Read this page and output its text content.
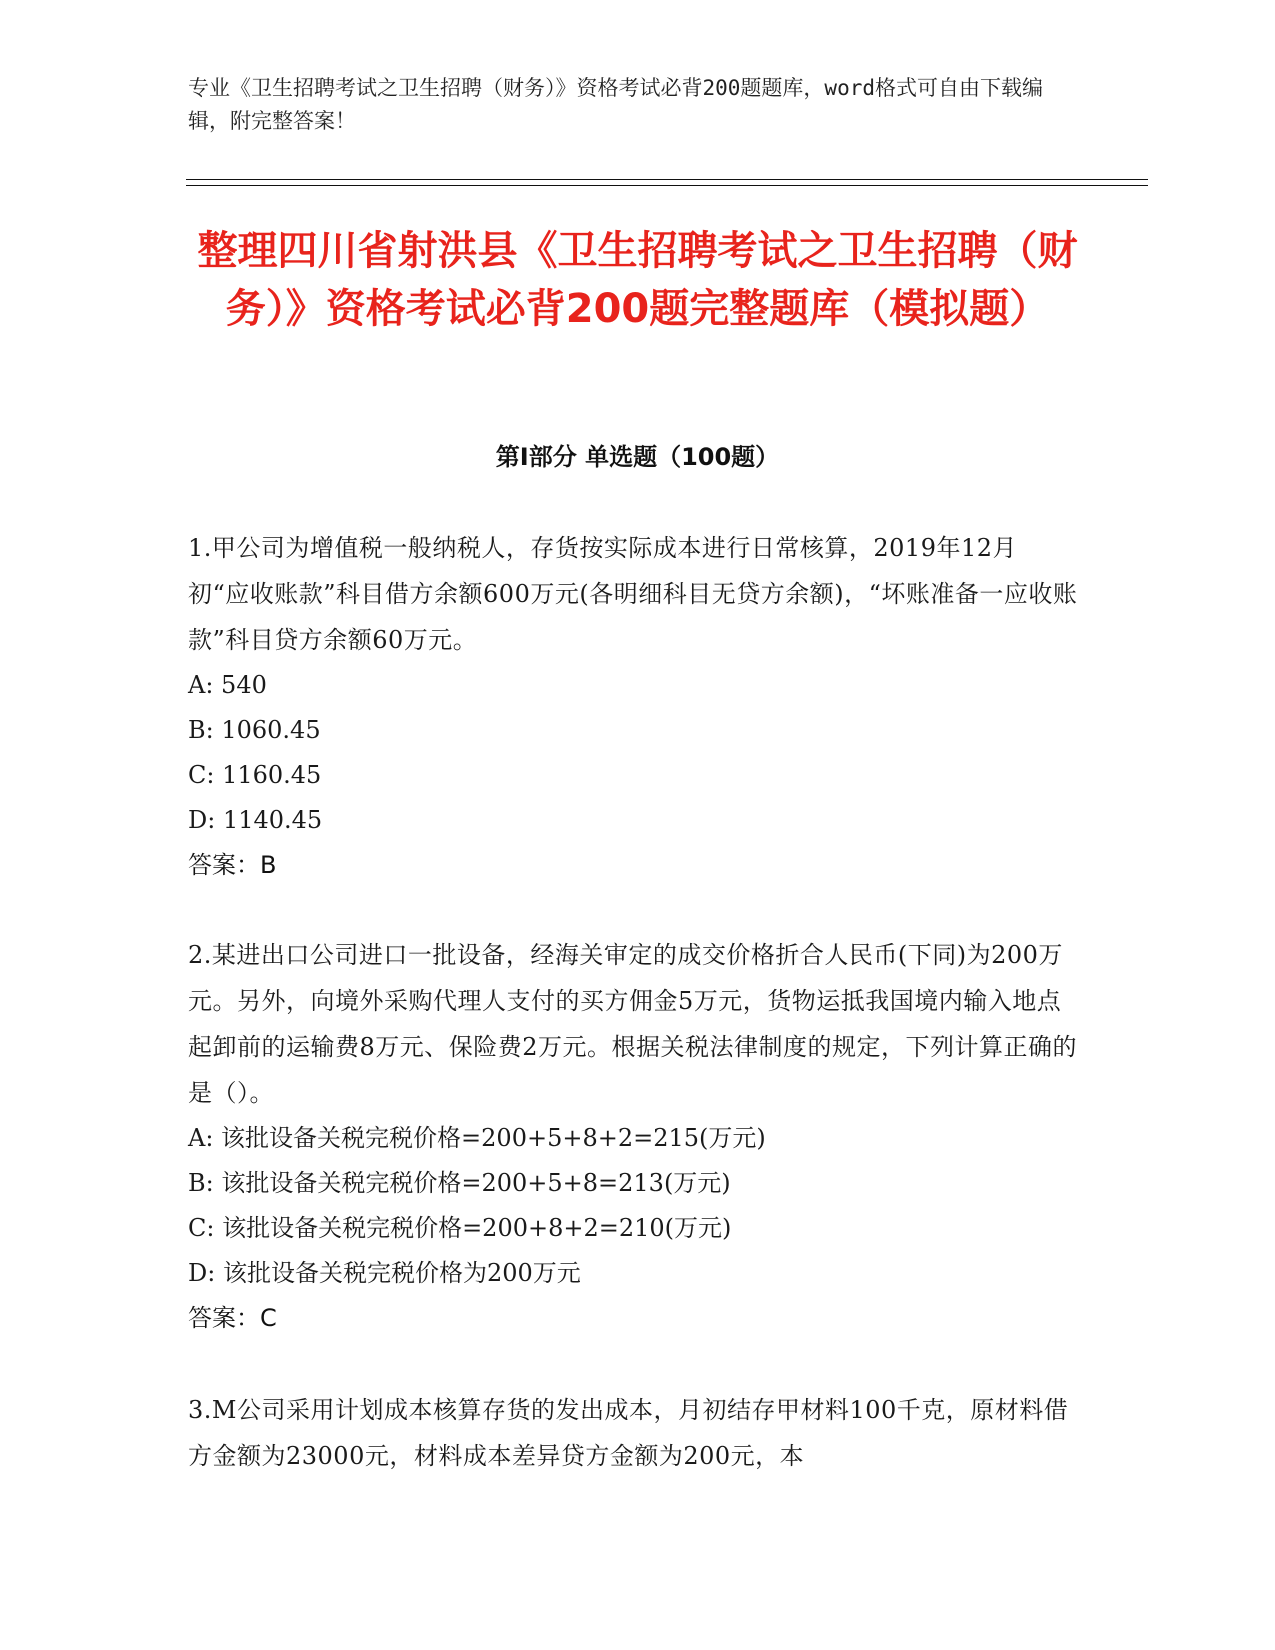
专业《卫生招聘考试之卫生招聘（财务）》资格考试必背200题题库，word格式可自由下载编辑，附完整答案！
整理四川省射洪县《卫生招聘考试之卫生招聘（财务）》资格考试必背200题完整题库（模拟题）
第I部分 单选题（100题）

1.甲公司为增值税一般纳税人，存货按实际成本进行日常核算，2019年12月初“应收账款”科目借方余额600万元(各明细科目无贷方余额)，“坏账准备一应收账款”科目贷方余额60万元。

A: 540

B: 1060.45

C: 1160.45

D: 1140.45

答案：B

2.某进出口公司进口一批设备，经海关审定的成交价格折合人民币(下同)为200万元。另外，向境外采购代理人支付的买方佣金5万元，货物运抵我国境内输入地点起卸前的运输费8万元、保险费2万元。根据关税法律制度的规定，下列计算正确的是（）。

A: 该批设备关税完税价格=200+5+8+2=215(万元)

B: 该批设备关税完税价格=200+5+8=213(万元)

C: 该批设备关税完税价格=200+8+2=210(万元)

D: 该批设备关税完税价格为200万元

答案：C

3.M公司采用计划成本核算存货的发出成本，月初结存甲材料100千克，原材料借方金额为23000元，材料成本差异贷方金额为200元，本
